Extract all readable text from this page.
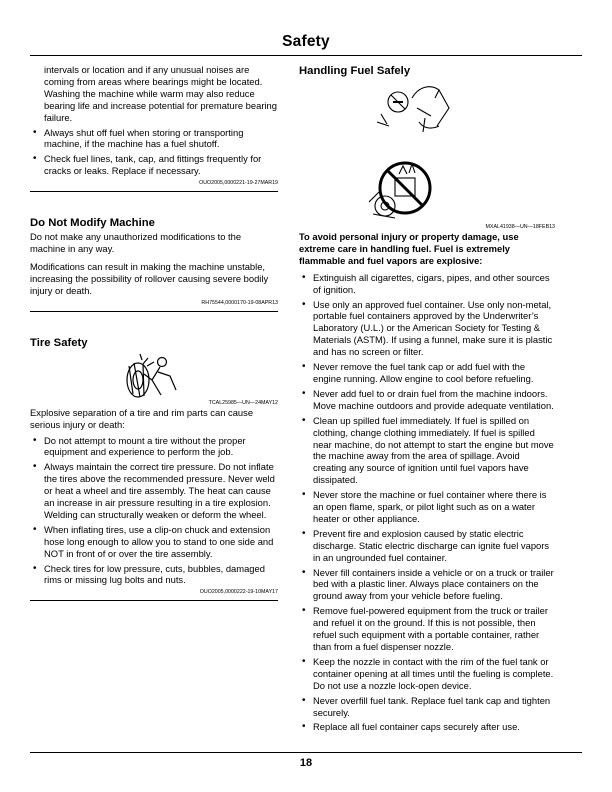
Safety

intervals or location and if any unusual noises are coming from areas where bearings might be located. Washing the machine while warm may also reduce bearing life and increase potential for premature bearing failure.

• Always shut off fuel when storing or transporting machine, if the machine has a fuel shutoff.
• Check fuel lines, tank, cap, and fittings frequently for cracks or leaks. Replace if necessary.
OUO2005,0000221-19-27MAR19
Do Not Modify Machine

Do not make any unauthorized modifications to the machine in any way.

Modifications can result in making the machine unstable, increasing the possibility of rollover causing severe bodily injury or death.

RH75544,0000170-19-08APR13
Tire Safety
TCAL25985—UN—24MAY12

Explosive separation of a tire and rim parts can cause serious injury or death:

• Do not attempt to mount a tire without the proper equipment and experience to perform the job.
• Always maintain the correct tire pressure. Do not inflate the tires above the recommended pressure. Never weld or heat a wheel and tire assembly. The heat can cause an increase in air pressure resulting in a tire explosion. Welding can structurally weaken or deform the wheel.
• When inflating tires, use a clip-on chuck and extension hose long enough to allow you to stand to one side and NOT in front of or over the tire assembly.
• Check tires for low pressure, cuts, bubbles, damaged rims or missing lug bolts and nuts.
OUO2005,0000222-19-10MAY17
Handling Fuel Safely
MXAL41938—UN—18FEB13

To avoid personal injury or property damage, use extreme care in handling fuel. Fuel is extremely flammable and fuel vapors are explosive:

• Extinguish all cigarettes, cigars, pipes, and other sources of ignition.
• Use only an approved fuel container. Use only non-metal, portable fuel containers approved by the Underwriter’s Laboratory (U.L.) or the American Society for Testing & Materials (ASTM). If using a funnel, make sure it is plastic and has no screen or filter.
• Never remove the fuel tank cap or add fuel with the engine running. Allow engine to cool before refueling.
• Never add fuel to or drain fuel from the machine indoors. Move machine outdoors and provide adequate ventilation.
• Clean up spilled fuel immediately. If fuel is spilled on clothing, change clothing immediately. If fuel is spilled near machine, do not attempt to start the engine but move the machine away from the area of spillage. Avoid creating any source of ignition until fuel vapors have dissipated.
• Never store the machine or fuel container where there is an open flame, spark, or pilot light such as on a water heater or other appliance.
• Prevent fire and explosion caused by static electric discharge. Static electric discharge can ignite fuel vapors in an ungrounded fuel container.
• Never fill containers inside a vehicle or on a truck or trailer bed with a plastic liner. Always place containers on the ground away from your vehicle before fueling.
• Remove fuel-powered equipment from the truck or trailer and refuel it on the ground. If this is not possible, then refuel such equipment with a portable container, rather than from a fuel dispenser nozzle.
• Keep the nozzle in contact with the rim of the fuel tank or container opening at all times until the fueling is complete. Do not use a nozzle lock-open device.
• Never overfill fuel tank. Replace fuel tank cap and tighten securely.
• Replace all fuel container caps securely after use.
18
